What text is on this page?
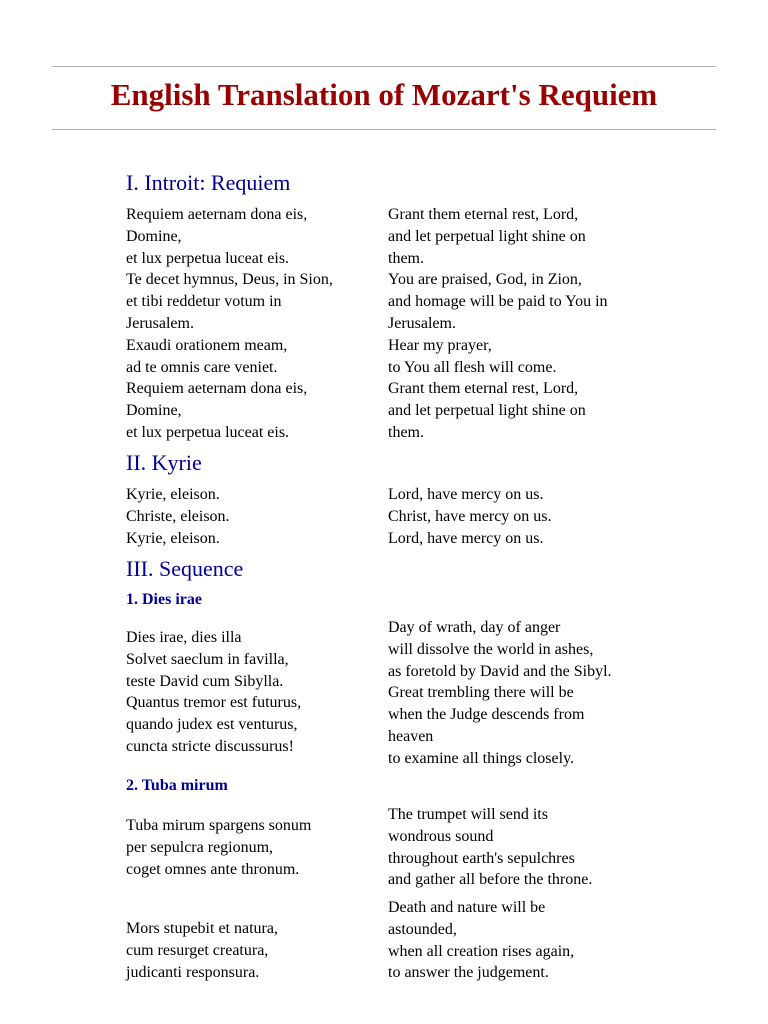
English Translation of Mozart's Requiem
I. Introit: Requiem
Requiem aeternam dona eis,
Domine,
et lux perpetua luceat eis.
Te decet hymnus, Deus, in Sion,
et tibi reddetur votum in
Jerusalem.
Exaudi orationem meam,
ad te omnis care veniet.
Requiem aeternam dona eis,
Domine,
et lux perpetua luceat eis.
Grant them eternal rest, Lord,
and let perpetual light shine on
them.
You are praised, God, in Zion,
and homage will be paid to You in
Jerusalem.
Hear my prayer,
to You all flesh will come.
Grant them eternal rest, Lord,
and let perpetual light shine on
them.
II. Kyrie
Kyrie, eleison.
Christe, eleison.
Kyrie, eleison.
Lord, have mercy on us.
Christ, have mercy on us.
Lord, have mercy on us.
III. Sequence
1. Dies irae
Dies irae, dies illa
Solvet saeclum in favilla,
teste David cum Sibylla.
Quantus tremor est futurus,
quando judex est venturus,
cuncta stricte discussurus!
Day of wrath, day of anger
will dissolve the world in ashes,
as foretold by David and the Sibyl.
Great trembling there will be
when the Judge descends from
heaven
to examine all things closely.
2. Tuba mirum
Tuba mirum spargens sonum
per sepulcra regionum,
coget omnes ante thronum.
The trumpet will send its
wondrous sound
throughout earth's sepulchres
and gather all before the throne.
Mors stupebit et natura,
cum resurget creatura,
judicanti responsura.
Death and nature will be
astounded,
when all creation rises again,
to answer the judgement.
